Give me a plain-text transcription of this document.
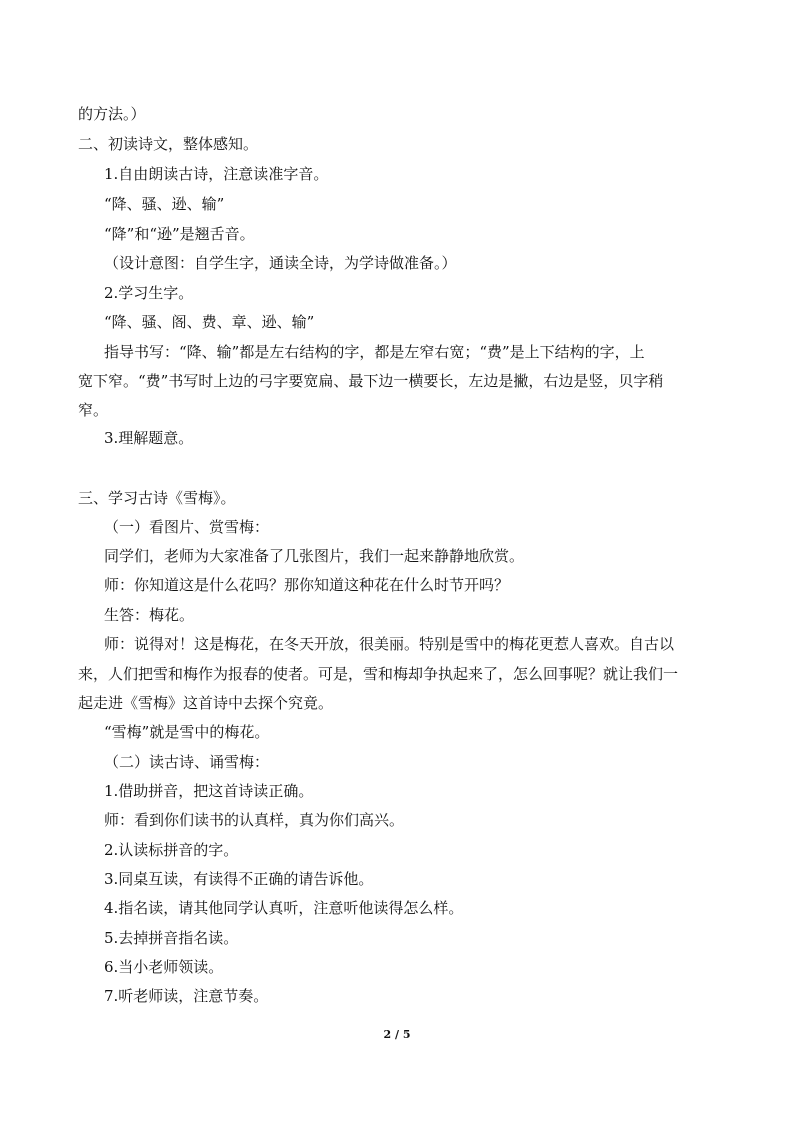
的方法。）
二、初读诗文，整体感知。
1.自由朗读古诗，注意读准字音。
“降、骚、逊、输”
“降”和“逊”是翘舌音。
（设计意图：自学生字，通读全诗，为学诗做准备。）
2.学习生字。
“降、骚、阁、费、章、逊、输”
指导书写：“降、输”都是左右结构的字，都是左窄右宽；“费”是上下结构的字，上
宽下窄。“费”书写时上边的弓字要宽扁、最下边一横要长，左边是撇，右边是竖，贝字稍
窄。
3.理解题意。
三、学习古诗《雪梅》。
（一）看图片、赏雪梅：
同学们，老师为大家准备了几张图片，我们一起来静静地欣赏。
师：你知道这是什么花吗？那你知道这种花在什么时节开吗？
生答：梅花。
师：说得对！这是梅花，在冬天开放，很美丽。特别是雪中的梅花更惹人喜欢。自古以
来，人们把雪和梅作为报春的使者。可是，雪和梅却争执起来了，怎么回事呢？就让我们一
起走进《雪梅》这首诗中去探个究竟。
“雪梅”就是雪中的梅花。
（二）读古诗、诵雪梅：
1.借助拼音，把这首诗读正确。
师：看到你们读书的认真样，真为你们高兴。
2.认读标拼音的字。
3.同桌互读，有读得不正确的请告诉他。
4.指名读，请其他同学认真听，注意听他读得怎么样。
5.去掉拼音指名读。
6.当小老师领读。
7.听老师读，注意节奏。
2 / 5
